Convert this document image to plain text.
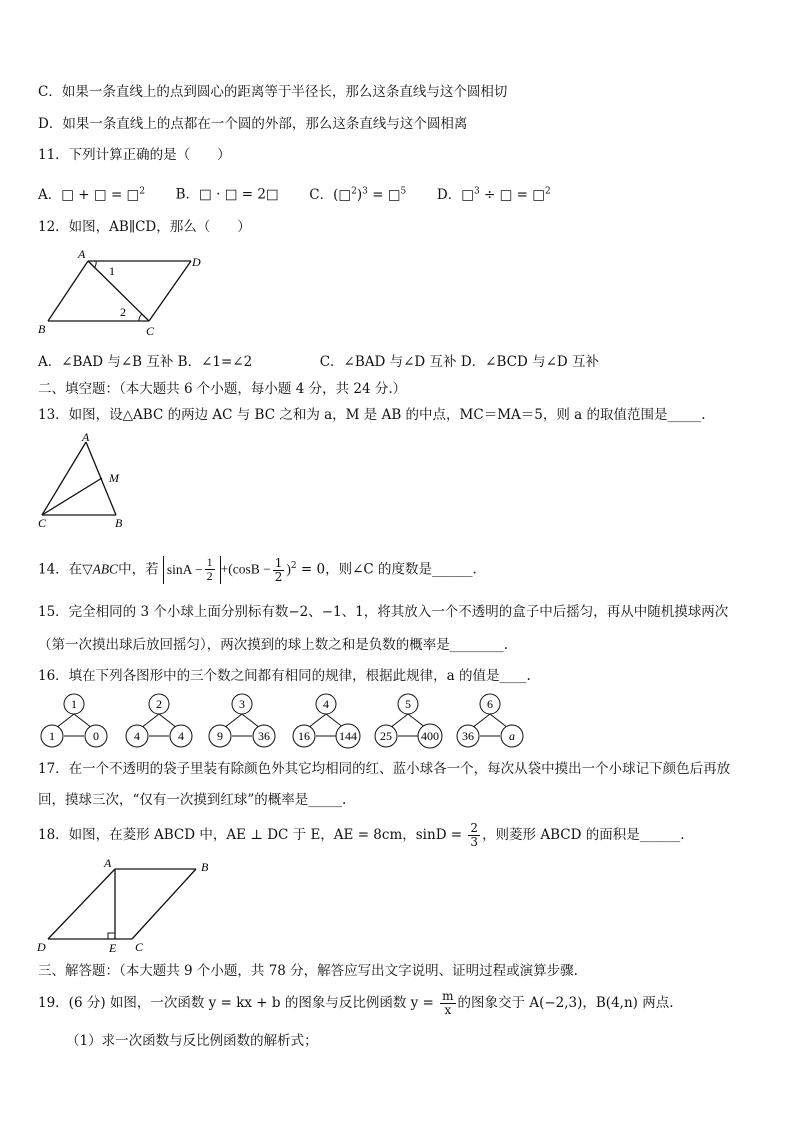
C．如果一条直线上的点到圆心的距离等于半径长，那么这条直线与这个圆相切
D．如果一条直线上的点都在一个圆的外部，那么这条直线与这个圆相离
11．下列计算正确的是（　　）
A．□ + □ = □$^2$ B．□ · □ = 2□ C．(□$^2$)$^3$ = □$^5$ D．□$^3$ ÷ □ = □$^2$
12．如图，AB∥CD，那么（　　）
A
B	C
D
1
2
A．∠BAD 与∠B 互补 B．∠1=∠2　　　　　C．∠BAD 与∠D 互补 D．∠BCD 与∠D 互补
二、填空题：（本大题共 6 个小题，每小题 4 分，共 24 分.）
13．如图，设△ABC 的两边 AC 与 BC 之和为 a，M 是 AB 的中点，MC＝MA＝5，则 a 的取值范围是_____.
A
M
C	B
14．在▽ABC中，若 $\sin A - \frac{1}{2} +(\cos B - \frac{1}{2} )^2 = 0$，则∠C 的度数是______.
15．完全相同的 3 个小球上面分别标有数−2、−1、1，将其放入一个不透明的盒子中后摇匀，再从中随机摸球两次
（第一次摸出球后放回摇匀），两次摸到的球上数之和是负数的概率是________.
16．填在下列各图形中的三个数之间都有相同的规律，根据此规律，a 的值是____.
1
1	0
2
4	4
3
9	36
4
16 144
5
25 400
6
36	a
17．在一个不透明的袋子里装有除颜色外其它均相同的红、蓝小球各一个，每次从袋中摸出一个小球记下颜色后再放
回，摸球三次，“仅有一次摸到红球”的概率是_____.
18．如图，在菱形 ABCD 中，AE ⊥ DC 于 E，AE = 8cm，$\sin D = \frac{2}{3}$ ，则菱形 ABCD 的面积是______.
A	B
D	E C
三、解答题：（本大题共 9 个小题，共 78 分，解答应写出文字说明、证明过程或演算步骤.
19．(6 分) 如图，一次函数 y = kx + b 的图象与反比例函数 $y = \frac{m}{x}$ 的图象交于 A(−2,3)，B(4,n) 两点.
（1）求一次函数与反比例函数的解析式；
